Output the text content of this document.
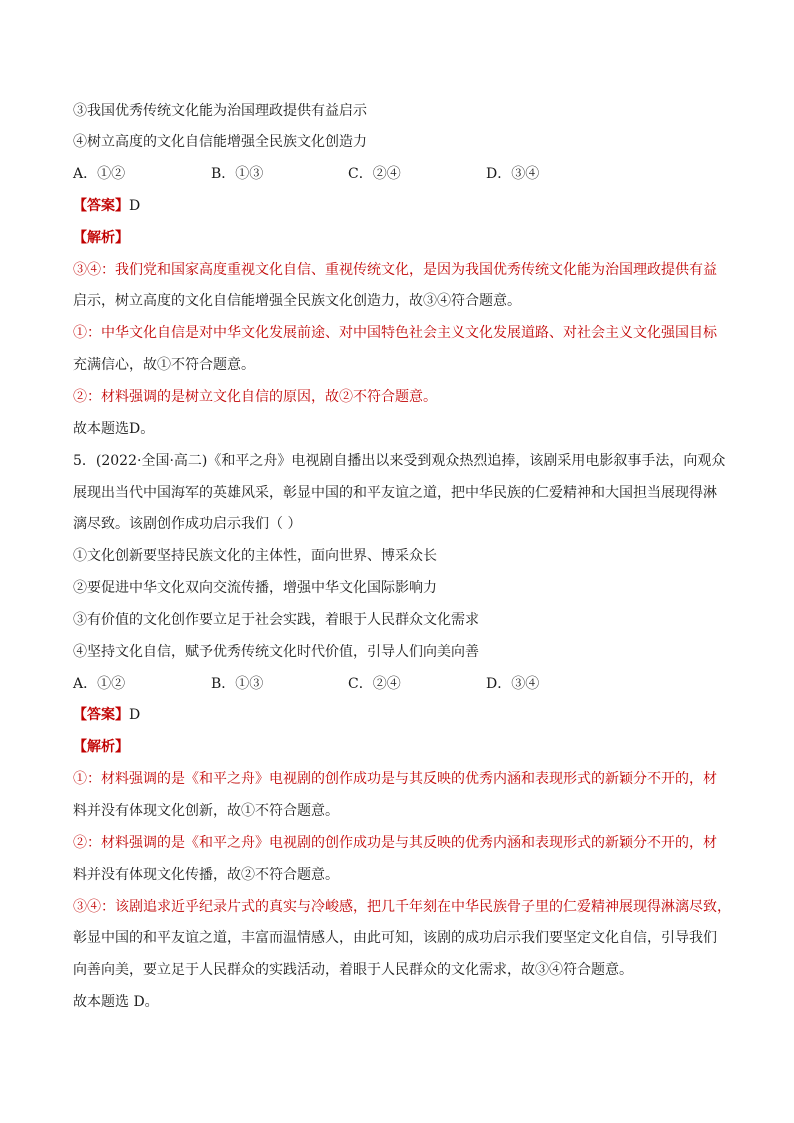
③我国优秀传统文化能为治国理政提供有益启示
④树立高度的文化自信能增强全民族文化创造力
A．①②	B．①③	C．②④	D．③④
【答案】D
【解析】
③④：我们党和国家高度重视文化自信、重视传统文化，是因为我国优秀传统文化能为治国理政提供有益
启示，树立高度的文化自信能增强全民族文化创造力，故③④符合题意。
①：中华文化自信是对中华文化发展前途、对中国特色社会主义文化发展道路、对社会主义文化强国目标
充满信心，故①不符合题意。
②：材料强调的是树立文化自信的原因，故②不符合题意。
故本题选D。
5．(2022·全国·高二)《和平之舟》电视剧自播出以来受到观众热烈追捧，该剧采用电影叙事手法，向观众
展现出当代中国海军的英雄风采，彰显中国的和平友谊之道，把中华民族的仁爱精神和大国担当展现得淋
漓尽致。该剧创作成功启示我们（ ）
①文化创新要坚持民族文化的主体性，面向世界、博采众长
②要促进中华文化双向交流传播，增强中华文化国际影响力
③有价值的文化创作要立足于社会实践，着眼于人民群众文化需求
④坚持文化自信，赋予优秀传统文化时代价值，引导人们向美向善
A．①②	B．①③	C．②④	D．③④
【答案】D
【解析】
①：材料强调的是《和平之舟》电视剧的创作成功是与其反映的优秀内涵和表现形式的新颖分不开的，材
料并没有体现文化创新，故①不符合题意。
②：材料强调的是《和平之舟》电视剧的创作成功是与其反映的优秀内涵和表现形式的新颖分不开的，材
料并没有体现文化传播，故②不符合题意。
③④：该剧追求近乎纪录片式的真实与冷峻感，把几千年刻在中华民族骨子里的仁爱精神展现得淋漓尽致，
彰显中国的和平友谊之道，丰富而温情感人，由此可知，该剧的成功启示我们要坚定文化自信，引导我们
向善向美，要立足于人民群众的实践活动，着眼于人民群众的文化需求，故③④符合题意。
故本题选 D。
